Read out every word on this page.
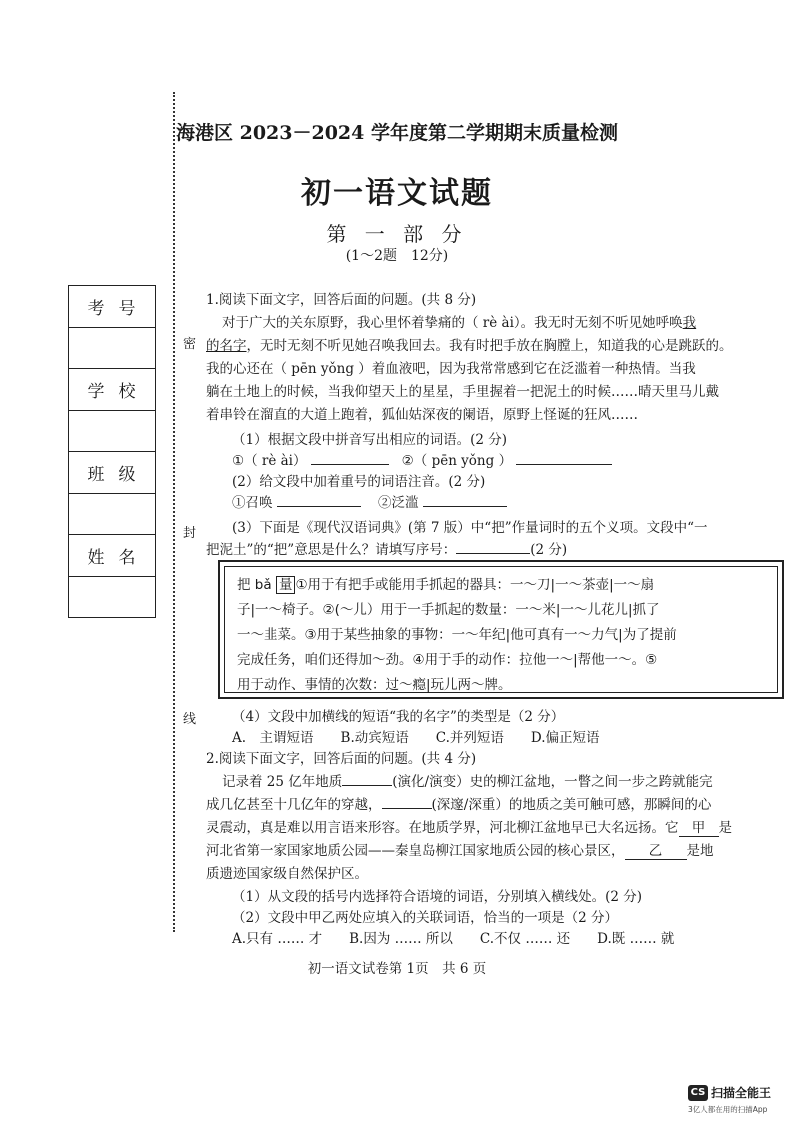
密
封
线
考号

学校

班级

姓名

海港区 2023－2024 学年度第二学期期末质量检测
初一语文试题
第 一 部 分
(1～2题　12分)
1.阅读下面文字，回答后面的问题。(共 8 分)
对于广大的关东原野，我心里怀着挚痛的（ rè ài）。我无时无刻不听见她呼唤我
的名字，无时无刻不听见她召唤我回去。我有时把手放在胸膛上，知道我的心是跳跃的。
我的心还在（ pēn yǒng ）着血液吧，因为我常常感到它在泛滥着一种热情。当我
躺在土地上的时候，当我仰望天上的星星，手里握着一把泥土的时候……晴天里马儿戴
着串铃在溜直的大道上跑着，狐仙姑深夜的阑语，原野上怪诞的狂风……
（1）根据文段中拼音写出相应的词语。(2 分)
①（ rè ài）	②（ pēn yǒng ）
(2）给文段中加着重号的词语注音。(2 分)
①召唤	②泛滥
(3）下面是《现代汉语词典》(第 7 版）中“把”作量词时的五个义项。文段中“一
把泥土”的“把”意思是什么？请填写序号：	(2 分)
把 bǎ 量 ①用于有把手或能用手抓起的器具：一～刀|一～茶壶|一～扇
子|一～椅子。②(～儿）用于一手抓起的数量：一～米|一～儿花儿|抓了
一～韭菜。③用于某些抽象的事物：一～年纪|他可真有一～力气|为了提前
完成任务，咱们还得加～劲。④用于手的动作：拉他一～|帮他一～。⑤
用于动作、事情的次数：过～瘾|玩儿两～牌。
（4）文段中加横线的短语“我的名字”的类型是（2 分）
A.　主谓短语　　B.动宾短语　　C.并列短语　　D.偏正短语
2.阅读下面文字，回答后面的问题。(共 4 分)
记录着 25 亿年地质	(演化/演变）史的柳江盆地，一瞥之间一步之跨就能完
成几亿甚至十几亿年的穿越，	(深邃/深重）的地质之美可触可感，那瞬间的心
灵震动，真是难以用言语来形容。在地质学界，河北柳江盆地早已大名远扬。它 甲 是
河北省第一家国家地质公园——秦皇岛柳江国家地质公园的核心景区， 乙 是地
质遗迹国家级自然保护区。
（1）从文段的括号内选择符合语境的词语，分别填入横线处。(2 分)
（2）文段中甲乙两处应填入的关联词语，恰当的一项是（2 分）
A.只有 …… 才　　B.因为 …… 所以　　C.不仅 …… 还　　D.既 …… 就
初一语文试卷第 1页　共 6 页
CS 扫描全能王
3亿人都在用的扫描App
